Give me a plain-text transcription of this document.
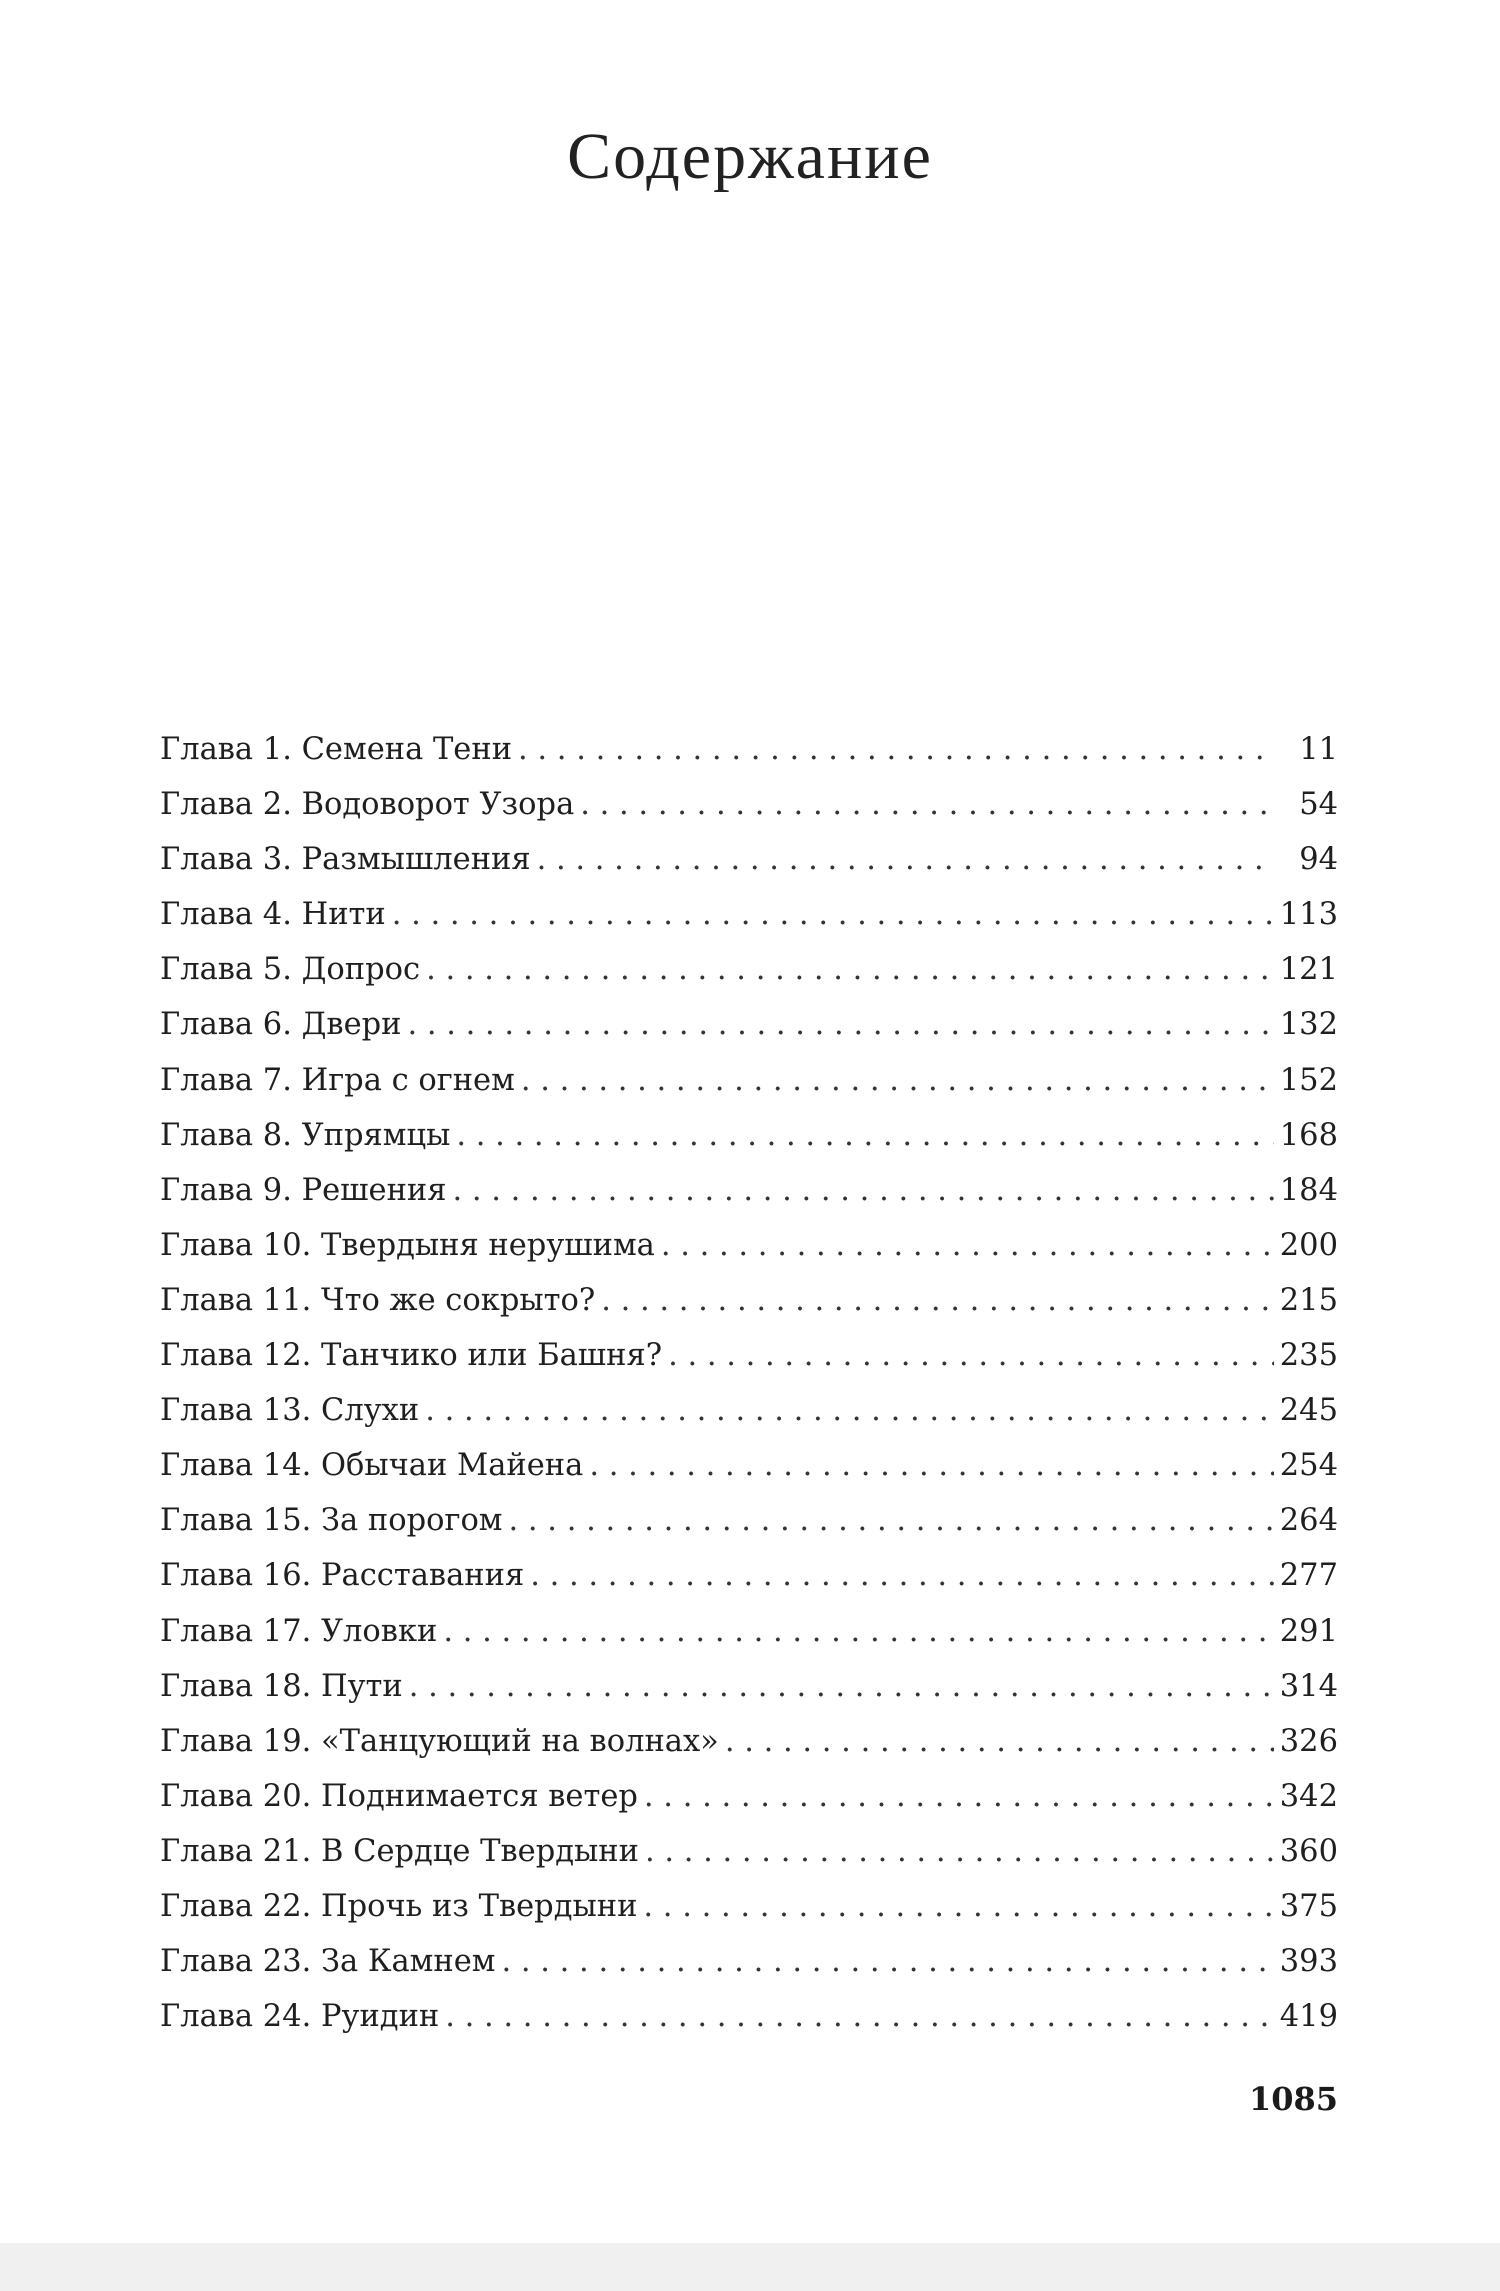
Содержание
Глава 1. Семена Тени . . .	11
Глава 2. Водоворот Узора . . .	54
Глава 3. Размышления . . .	94
Глава 4. Нити . . .	113
Глава 5. Допрос . . .	121
Глава 6. Двери . . .	132
Глава 7. Игра с огнем . . .	152
Глава 8. Упрямцы . . .	168
Глава 9. Решения . . .	184
Глава 10. Твердыня нерушима . . .	200
Глава 11. Что же сокрыто? . . .	215
Глава 12. Танчико или Башня? . . .	235
Глава 13. Слухи . . .	245
Глава 14. Обычаи Майена . . .	254
Глава 15. За порогом . . .	264
Глава 16. Расставания . . .	277
Глава 17. Уловки . . .	291
Глава 18. Пути . . .	314
Глава 19. «Танцующий на волнах» . . .	326
Глава 20. Поднимается ветер . . .	342
Глава 21. В Сердце Твердыни . . .	360
Глава 22. Прочь из Твердыни . . .	375
Глава 23. За Камнем . . .	393
Глава 24. Руидин . . .	419
1085
